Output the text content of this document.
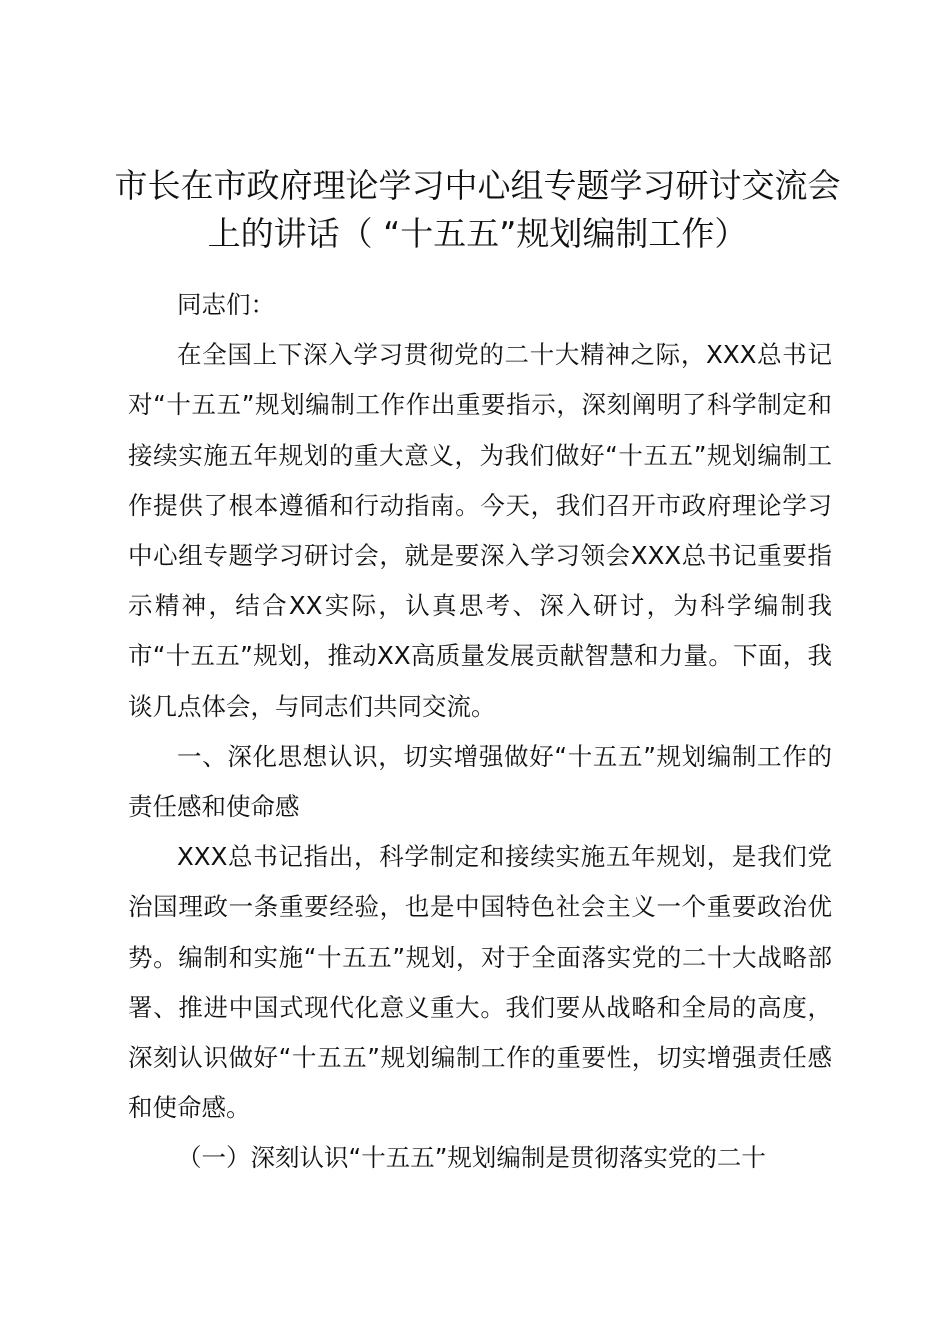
市长在市政府理论学习中心组专题学习研讨交流会上的讲话（ “十五五”规划编制工作）

同志们：

在全国上下深入学习贯彻党的二十大精神之际，XXX总书记对“十五五”规划编制工作作出重要指示，深刻阐明了科学制定和接续实施五年规划的重大意义，为我们做好“十五五”规划编制工作提供了根本遵循和行动指南。今天，我们召开市政府理论学习中心组专题学习研讨会，就是要深入学习领会XXX总书记重要指示精神，结合XX实际，认真思考、深入研讨，为科学编制我市“十五五”规划，推动XX高质量发展贡献智慧和力量。下面，我谈几点体会，与同志们共同交流。

一、深化思想认识，切实增强做好“十五五”规划编制工作的责任感和使命感

XXX总书记指出，科学制定和接续实施五年规划，是我们党治国理政一条重要经验，也是中国特色社会主义一个重要政治优势。编制和实施“十五五”规划，对于全面落实党的二十大战略部署、推进中国式现代化意义重大。我们要从战略和全局的高度，深刻认识做好“十五五”规划编制工作的重要性，切实增强责任感和使命感。

（一）深刻认识“十五五”规划编制是贯彻落实党的二十
